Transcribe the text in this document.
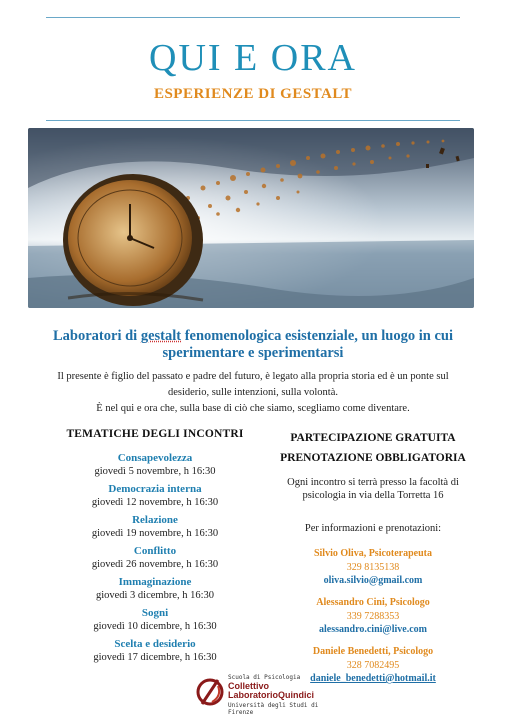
QUI E ORA
ESPERIENZE DI GESTALT
Laboratori di gestalt fenomenologica esistenziale, un luogo in cui sperimentare e sperimentarsi
Il presente è figlio del passato e padre del futuro, è legato alla propria storia ed è un ponte sul desiderio, sulle intenzioni, sulla volontà.
È nel qui e ora che, sulla base di ciò che siamo, scegliamo come diventare.
TEMATICHE DEGLI INCONTRI
Consapevolezza
giovedì 5 novembre, h 16:30
Democrazia interna
giovedì 12 novembre, h 16:30
Relazione
giovedì 19 novembre, h 16:30
Conflitto
giovedì 26 novembre, h 16:30
Immaginazione
giovedì 3 dicembre, h 16:30
Sogni
giovedì 10 dicembre, h 16:30
Scelta e desiderio
giovedì 17 dicembre, h 16:30
PARTECIPAZIONE GRATUITA
PRENOTAZIONE OBBLIGATORIA
Ogni incontro si terrà presso la facoltà di psicologia in via della Torretta 16
Per informazioni e prenotazioni:
Silvio Oliva, Psicoterapeuta
329 8135138
oliva.silvio@gmail.com
Alessandro Cini, Psicologo
339 7288353
alessandro.cini@live.com
Daniele Benedetti, Psicologo
328 7082495
daniele_benedetti@hotmail.it
Scuola di Psicologia
Collettivo
LaboratorioQuindici
Università degli Studi di Firenze
